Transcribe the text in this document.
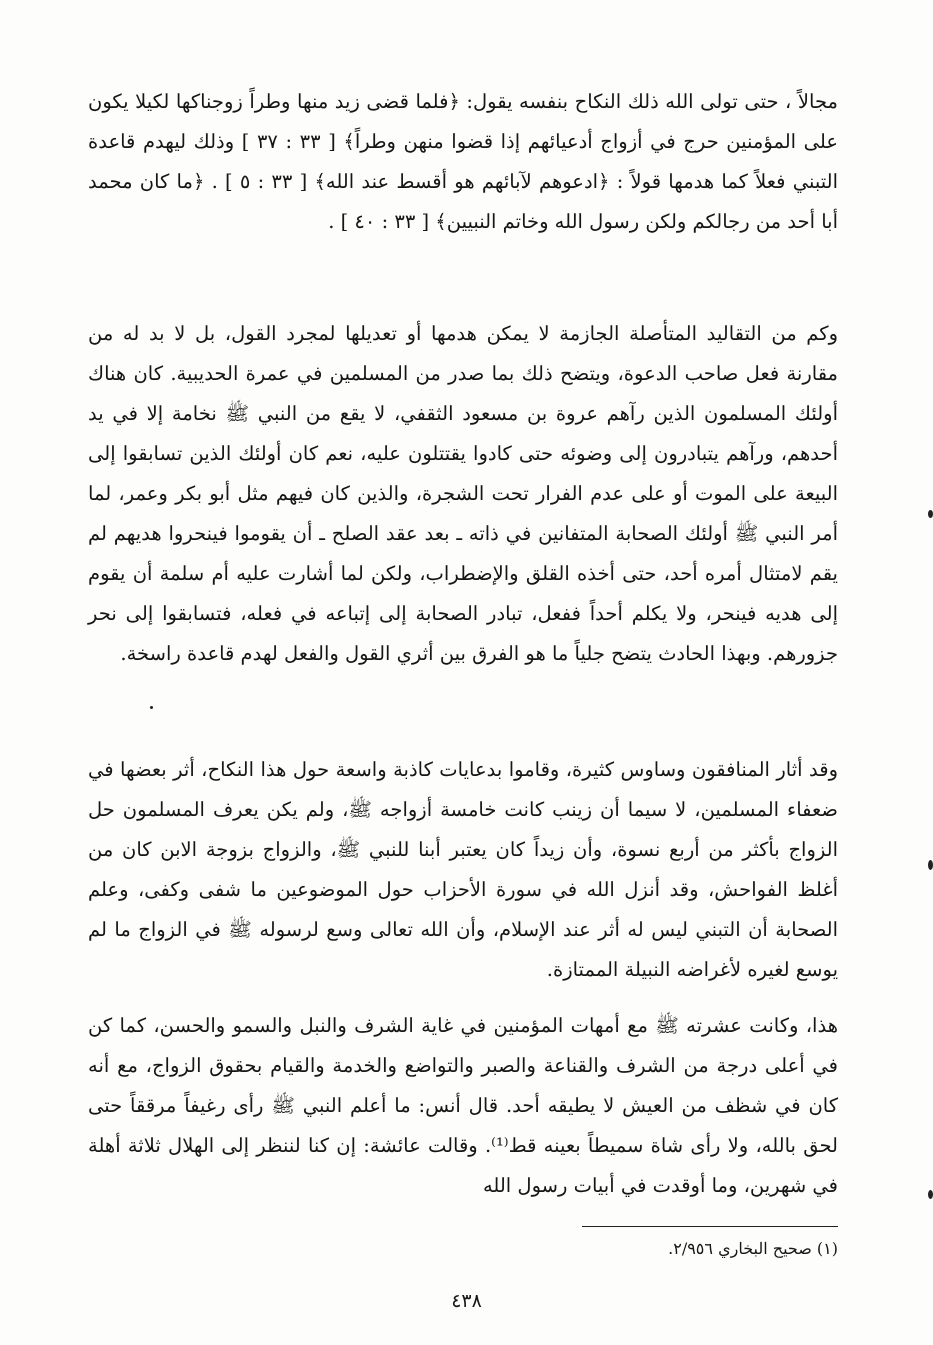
مجالاً ، حتى تولى الله ذلك النكاح بنفسه يقول: ﴿فلما قضى زيد منها وطراً زوجناكها لكيلا يكون على المؤمنين حرج في أزواج أدعيائهم إذا قضوا منهن وطراً﴾ [ ٣٣ : ٣٧ ] وذلك ليهدم قاعدة التبني فعلاً كما هدمها قولاً : ﴿ادعوهم لآبائهم هو أقسط عند الله﴾ [ ٣٣ : ٥ ] . ﴿ما كان محمد أبا أحد من رجالكم ولكن رسول الله وخاتم النبيين﴾ [ ٣٣ : ٤٠ ] .

وكم من التقاليد المتأصلة الجازمة لا يمكن هدمها أو تعديلها لمجرد القول، بل لا بد له من مقارنة فعل صاحب الدعوة، ويتضح ذلك بما صدر من المسلمين في عمرة الحديبية. كان هناك أولئك المسلمون الذين رآهم عروة بن مسعود الثقفي، لا يقع من النبي ﷺ نخامة إلا في يد أحدهم، ورآهم يتبادرون إلى وضوئه حتى كادوا يقتتلون عليه، نعم كان أولئك الذين تسابقوا إلى البيعة على الموت أو على عدم الفرار تحت الشجرة، والذين كان فيهم مثل أبو بكر وعمر، لما أمر النبي ﷺ أولئك الصحابة المتفانين في ذاته ـ بعد عقد الصلح ـ أن يقوموا فينحروا هديهم لم يقم لامتثال أمره أحد، حتى أخذه القلق والإضطراب، ولكن لما أشارت عليه أم سلمة أن يقوم إلى هديه فينحر، ولا يكلم أحداً ففعل، تبادر الصحابة إلى إتباعه في فعله، فتسابقوا إلى نحر جزورهم. وبهذا الحادث يتضح جلياً ما هو الفرق بين أثري القول والفعل لهدم قاعدة راسخة.

وقد أثار المنافقون وساوس كثيرة، وقاموا بدعايات كاذبة واسعة حول هذا النكاح، أثر بعضها في ضعفاء المسلمين، لا سيما أن زينب كانت خامسة أزواجه ﷺ، ولم يكن يعرف المسلمون حل الزواج بأكثر من أربع نسوة، وأن زيداً كان يعتبر أبنا للنبي ﷺ، والزواج بزوجة الابن كان من أغلظ الفواحش، وقد أنزل الله في سورة الأحزاب حول الموضوعين ما شفى وكفى، وعلم الصحابة أن التبني ليس له أثر عند الإسلام، وأن الله تعالى وسع لرسوله ﷺ في الزواج ما لم يوسع لغيره لأغراضه النبيلة الممتازة.

هذا، وكانت عشرته ﷺ مع أمهات المؤمنين في غاية الشرف والنبل والسمو والحسن، كما كن في أعلى درجة من الشرف والقناعة والصبر والتواضع والخدمة والقيام بحقوق الزواج، مع أنه كان في شظف من العيش لا يطيقه أحد. قال أنس: ما أعلم النبي ﷺ رأى رغيفاً مرققاً حتى لحق بالله، ولا رأى شاة سميطاً بعينه قط⁽¹⁾. وقالت عائشة: إن كنا لننظر إلى الهلال ثلاثة أهلة في شهرين، وما أوقدت في أبيات رسول الله

(١) صحيح البخاري ٢/٩٥٦.
٤٣٨
